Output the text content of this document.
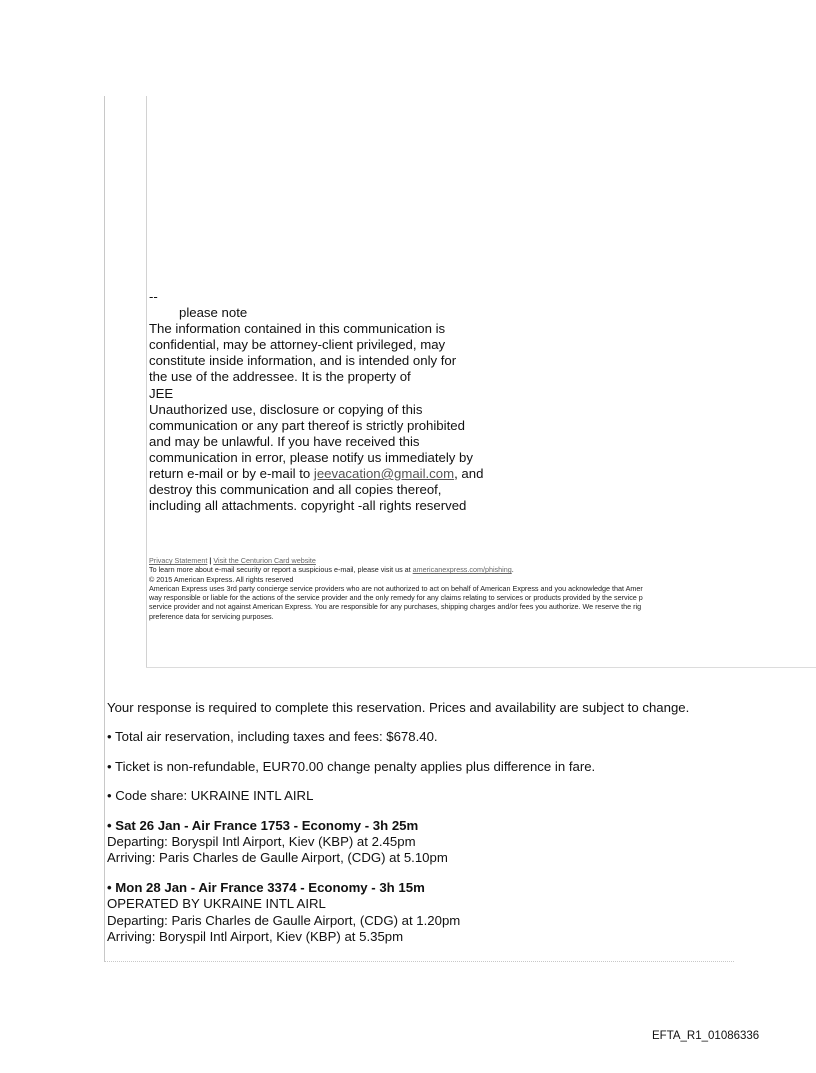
--
please note
The information contained in this communication is
confidential, may be attorney-client privileged, may
constitute inside information, and is intended only for
the use of the addressee. It is the property of
JEE
Unauthorized use, disclosure or copying of this
communication or any part thereof is strictly prohibited
and may be unlawful. If you have received this
communication in error, please notify us immediately by
return e-mail or by e-mail to jeevacation@gmail.com, and
destroy this communication and all copies thereof,
including all attachments. copyright -all rights reserved
Privacy Statement | Visit the Centurion Card website
To learn more about e-mail security or report a suspicious e-mail, please visit us at americanexpress.com/phishing.
© 2015 American Express. All rights reserved
American Express uses 3rd party concierge service providers who are not authorized to act on behalf of American Express and you acknowledge that Amer
way responsible or liable for the actions of the service provider and the only remedy for any claims relating to services or products provided by the service p
service provider and not against American Express. You are responsible for any purchases, shipping charges and/or fees you authorize. We reserve the rig
preference data for servicing purposes.

Your response is required to complete this reservation. Prices and availability are subject to change.

• Total air reservation, including taxes and fees: $678.40.

• Ticket is non-refundable, EUR70.00 change penalty applies plus difference in fare.

• Code share: UKRAINE INTL AIRL

• Sat 26 Jan - Air France 1753 - Economy - 3h 25m

Departing: Boryspil Intl Airport, Kiev (KBP) at 2.45pm

Arriving: Paris Charles de Gaulle Airport, (CDG) at 5.10pm

• Mon 28 Jan - Air France 3374 - Economy - 3h 15m

OPERATED BY UKRAINE INTL AIRL

Departing: Paris Charles de Gaulle Airport, (CDG) at 1.20pm

Arriving: Boryspil Intl Airport, Kiev (KBP) at 5.35pm

EFTA_R1_01086336
